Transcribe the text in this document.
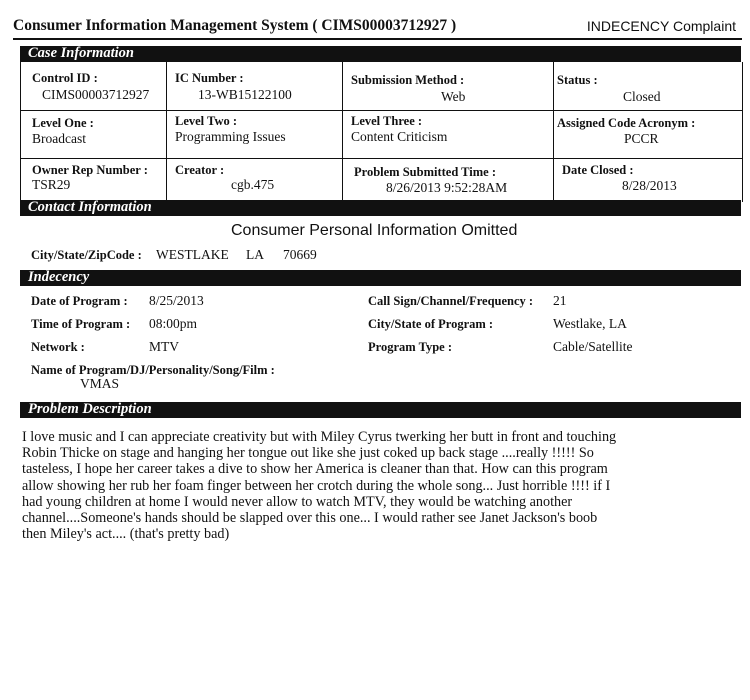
Consumer Information Management System ( CIMS00003712927 )	INDECENCY Complaint
Case Information
Control ID :
CIMS00003712927
IC Number :
13-WB15122100
Submission Method :
Web
Status :
Closed
Level One :
Broadcast
Level Two :
Programming Issues
Level Three :
Content Criticism
Assigned Code Acronym :
PCCR
Owner Rep Number :
TSR29
Creator :
cgb.475
Problem Submitted Time :
8/26/2013 9:52:28AM
Date Closed :
8/28/2013
Contact Information
Consumer Personal Information Omitted
City/State/ZipCode : WESTLAKE LA 70669
Indecency
Date of Program : 8/25/2013
Time of Program : 08:00pm
Network :	MTV
Call Sign/Channel/Frequency : 21
City/State of Program :	Westlake, LA
Program Type :	Cable/Satellite
Name of Program/DJ/Personality/Song/Film :
VMAS
Problem Description
I love music and I can appreciate creativity but with Miley Cyrus twerking her butt in front and touching
Robin Thicke on stage and hanging her tongue out like she just coked up back stage ....really !!!!! So
tasteless, I hope her career takes a dive to show her America is cleaner than that. How can this program
allow showing her rub her foam finger between her crotch during the whole song... Just horrible !!!! if I
had young children at home I would never allow to watch MTV, they would be watching another
channel....Someone's hands should be slapped over this one... I would rather see Janet Jackson's boob
then Miley's act.... (that's pretty bad)
